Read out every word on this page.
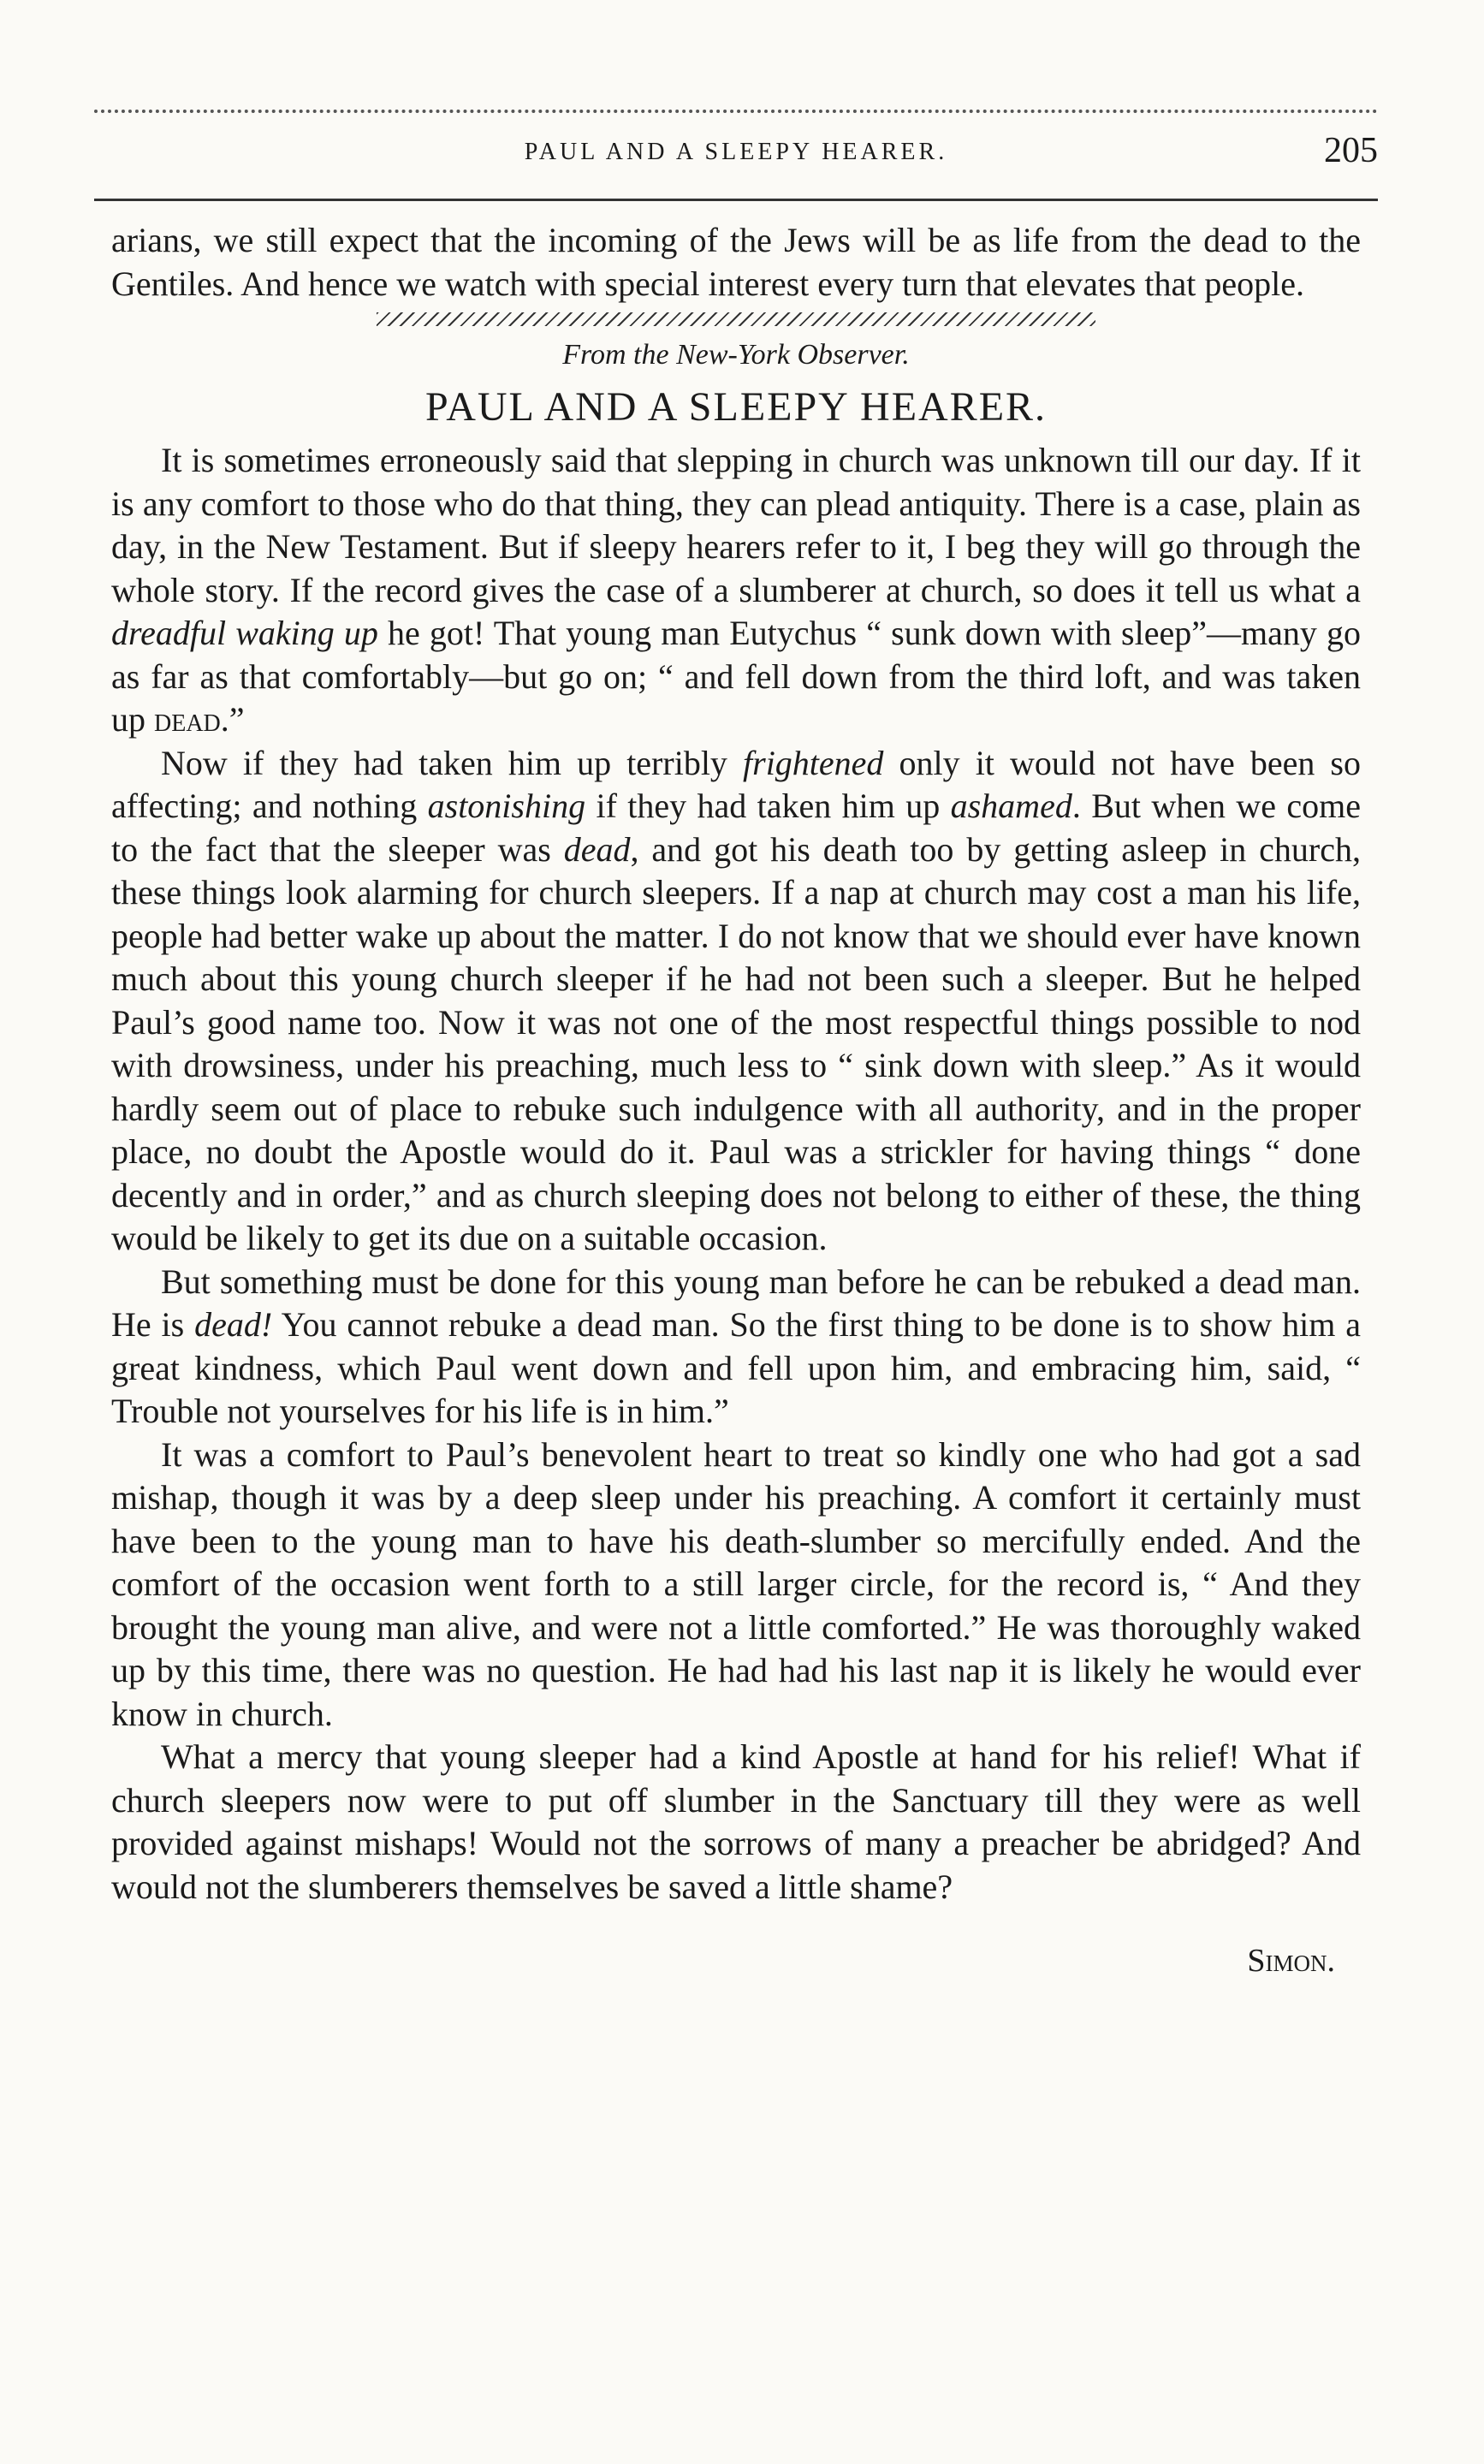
PAUL AND A SLEEPY HEARER.	205

arians, we still expect that the incoming of the Jews will be as life from the dead to the Gentiles. And hence we watch with special interest every turn that elevates that people.

From the New-York Observer.
PAUL AND A SLEEPY HEARER.

It is sometimes erroneously said that slepping in church was unknown till our day. If it is any comfort to those who do that thing, they can plead antiquity. There is a case, plain as day, in the New Testament. But if sleepy hearers refer to it, I beg they will go through the whole story. If the record gives the case of a slumberer at church, so does it tell us what a dreadful waking up he got! That young man Eutychus “ sunk down with sleep”—many go as far as that comfortably—but go on; “ and fell down from the third loft, and was taken up dead.”

Now if they had taken him up terribly frightened only it would not have been so affecting; and nothing astonishing if they had taken him up ashamed. But when we come to the fact that the sleeper was dead, and got his death too by getting asleep in church, these things look alarming for church sleepers. If a nap at church may cost a man his life, people had better wake up about the matter. I do not know that we should ever have known much about this young church sleeper if he had not been such a sleeper. But he helped Paul’s good name too. Now it was not one of the most respectful things possible to nod with drowsiness, under his preaching, much less to “ sink down with sleep.” As it would hardly seem out of place to rebuke such indulgence with all authority, and in the proper place, no doubt the Apostle would do it. Paul was a strickler for having things “ done decently and in order,” and as church sleeping does not belong to either of these, the thing would be likely to get its due on a suitable occasion.

But something must be done for this young man before he can be rebuked a dead man. He is dead! You cannot rebuke a dead man. So the first thing to be done is to show him a great kindness, which Paul went down and fell upon him, and embracing him, said, “ Trouble not yourselves for his life is in him.”

It was a comfort to Paul’s benevolent heart to treat so kindly one who had got a sad mishap, though it was by a deep sleep under his preaching. A comfort it certainly must have been to the young man to have his death-slumber so mercifully ended. And the comfort of the occasion went forth to a still larger circle, for the record is, “ And they brought the young man alive, and were not a little comforted.” He was thoroughly waked up by this time, there was no question. He had had his last nap it is likely he would ever know in church.

What a mercy that young sleeper had a kind Apostle at hand for his relief! What if church sleepers now were to put off slumber in the Sanctuary till they were as well provided against mishaps! Would not the sorrows of many a preacher be abridged? And would not the slumberers themselves be saved a little shame?

Simon.
